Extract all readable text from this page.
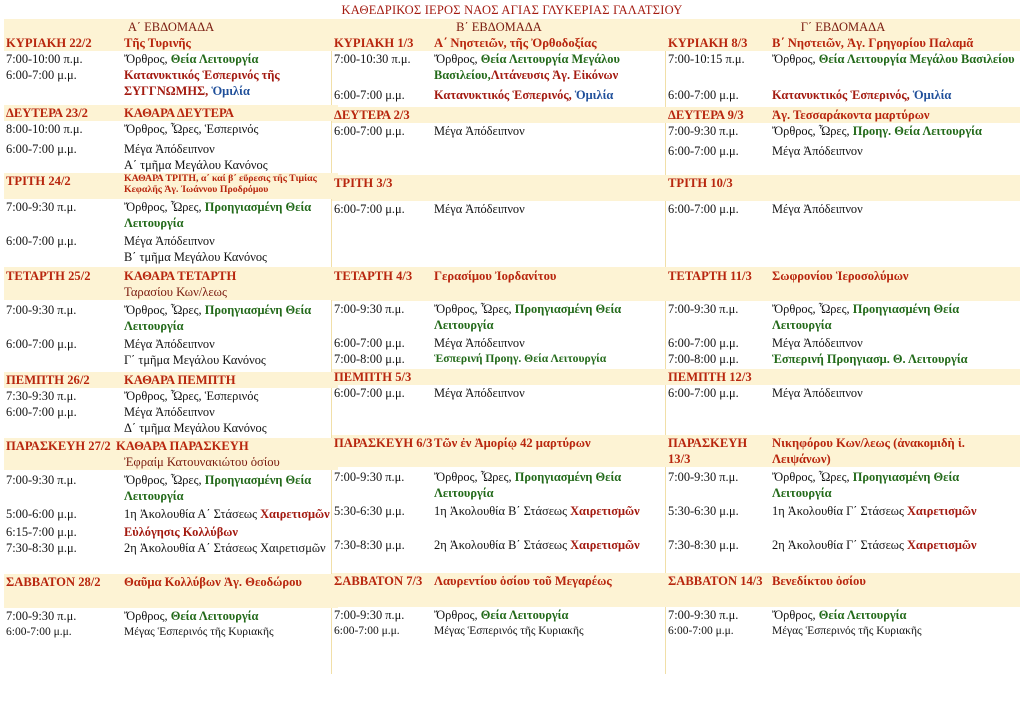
ΚΑΘΕΔΡΙΚΟΣ ΙΕΡΟΣ ΝΑΟΣ ΑΓΙΑΣ ΓΛΥΚΕΡΙΑΣ ΓΑΛΑΤΣΙΟΥ
Α΄ ΕΒΔΟΜΑΔΑ
ΚΥΡΙΑΚΗ 22/2	Τῆς Τυρινῆς
7:00-10:00 π.μ.	Ὄρθρος, Θεία Λειτουργία
6:00-7:00 μ.μ.	Κατανυκτικός Ἑσπερινός τῆς ΣΥΓΓΝΩΜΗΣ, Ὁμιλία
ΔΕΥΤΕΡΑ 23/2	ΚΑΘΑΡΑ ΔΕΥΤΕΡΑ
8:00-10:00 π.μ.	Ὄρθρος, Ὧρες, Ἑσπερινός
6:00-7:00 μ.μ.	Μέγα Ἀπόδειπνον
Α΄ τμῆμα Μεγάλου Κανόνος
ΤΡΙΤΗ 24/2	ΚΑΘΑΡΑ ΤΡΙΤΗ, α΄ καί β΄ εὕρεσις τῆς Τιμίας Κεφαλῆς Ἁγ. Ἰωάννου Προδρόμου
7:00-9:30 π.μ.	Ὄρθρος, Ὧρες, Προηγιασμένη Θεία Λειτουργία
6:00-7:00 μ.μ.	Μέγα Ἀπόδειπνον
Β΄ τμῆμα Μεγάλου Κανόνος
ΤΕΤΑΡΤΗ 25/2	ΚΑΘΑΡΑ ΤΕΤΑΡΤΗ
Ταρασίου Κων/λεως
7:00-9:30 π.μ.	Ὄρθρος, Ὧρες, Προηγιασμένη Θεία Λειτουργία
6:00-7:00 μ.μ.	Μέγα Ἀπόδειπνον
Γ΄ τμῆμα Μεγάλου Κανόνος
ΠΕΜΠΤΗ 26/2	ΚΑΘΑΡΑ ΠΕΜΠΤΗ
7:30-9:30 π.μ.	Ὄρθρος, Ὧρες, Ἑσπερινός
6:00-7:00 μ.μ.	Μέγα Ἀπόδειπνον
Δ΄ τμῆμα Μεγάλου Κανόνος
ΠΑΡΑΣΚΕΥΗ 27/2 ΚΑΘΑΡΑ ΠΑΡΑΣΚΕΥΗ
Ἐφραίμ Κατουνακιώτου ὁσίου
7:00-9:30 π.μ.	Ὄρθρος, Ὧρες, Προηγιασμένη Θεία Λειτουργία
5:00-6:00 μ.μ.	1η Ἀκολουθία Α΄ Στάσεως Χαιρετισμῶν
6:15-7:00 μ.μ.	Εὐλόγησις Κολλύβων
7:30-8:30 μ.μ.	2η Ἀκολουθία Α΄ Στάσεως Χαιρετισμῶν
ΣΑΒΒΑΤΟΝ 28/2	Θαῦμα Κολλύβων Ἁγ. Θεοδώρου
7:00-9:30 π.μ.	Ὄρθρος, Θεία Λειτουργία
6:00-7:00 μ.μ.	Μέγας Ἑσπερινός τῆς Κυριακῆς
Β΄ ΕΒΔΟΜΑΔΑ
ΚΥΡΙΑΚΗ 1/3	Α΄ Νηστειῶν, τῆς Ὀρθοδοξίας
7:00-10:30 π.μ.	Ὄρθρος, Θεία Λειτουργία Μεγάλου Βασιλείου,Λιτάνευσις Ἁγ. Εἰκόνων
6:00-7:00 μ.μ.	Κατανυκτικός Ἑσπερινός, Ὁμιλία
ΔΕΥΤΕΡΑ 2/3
6:00-7:00 μ.μ.	Μέγα Ἀπόδειπνον
ΤΡΙΤΗ 3/3
6:00-7:00 μ.μ.	Μέγα Ἀπόδειπνον
ΤΕΤΑΡΤΗ 4/3	Γερασίμου Ἰορδανίτου
7:00-9:30 π.μ.	Ὄρθρος, Ὧρες, Προηγιασμένη Θεία Λειτουργία
6:00-7:00 μ.μ.	Μέγα Ἀπόδειπνον
7:00-8:00 μ.μ.	Ἑσπερινή Προηγ. Θεία Λειτουργία
ΠΕΜΠΤΗ 5/3
6:00-7:00 μ.μ.	Μέγα Ἀπόδειπνον
ΠΑΡΑΣΚΕΥΗ 6/3 Τῶν ἐν Ἀμορίῳ 42 μαρτύρων
7:00-9:30 π.μ.	Ὄρθρος, Ὧρες, Προηγιασμένη Θεία Λειτουργία
5:30-6:30 μ.μ.	1η Ἀκολουθία Β΄ Στάσεως Χαιρετισμῶν
7:30-8:30 μ.μ.	2η Ἀκολουθία Β΄ Στάσεως Χαιρετισμῶν
ΣΑΒΒΑΤΟΝ 7/3 Λαυρεντίου ὁσίου τοῦ Μεγαρέως
7:00-9:30 π.μ.	Ὄρθρος, Θεία Λειτουργία
6:00-7:00 μ.μ.	Μέγας Ἑσπερινός τῆς Κυριακῆς
Γ΄ ΕΒΔΟΜΑΔΑ
ΚΥΡΙΑΚΗ 8/3	Β΄ Νηστειῶν, Ἁγ. Γρηγορίου Παλαμᾶ
7:00-10:15 π.μ.	Ὄρθρος, Θεία Λειτουργία Μεγάλου Βασιλείου
6:00-7:00 μ.μ.	Κατανυκτικός Ἑσπερινός, Ὁμιλία
ΔΕΥΤΕΡΑ 9/3	Ἁγ. Τεσσαράκοντα μαρτύρων
7:00-9:30 π.μ.	Ὄρθρος, Ὧρες, Προηγ. Θεία Λειτουργία
6:00-7:00 μ.μ.	Μέγα Ἀπόδειπνον
ΤΡΙΤΗ 10/3
6:00-7:00 μ.μ.	Μέγα Ἀπόδειπνον
ΤΕΤΑΡΤΗ 11/3	Σωφρονίου Ἱεροσολύμων
7:00-9:30 π.μ.	Ὄρθρος, Ὧρες, Προηγιασμένη Θεία Λειτουργία
6:00-7:00 μ.μ.	Μέγα Ἀπόδειπνον
7:00-8:00 μ.μ.	Ἑσπερινή Προηγιασμ. Θ. Λειτουργία
ΠΕΜΠΤΗ 12/3
6:00-7:00 μ.μ.	Μέγα Ἀπόδειπνον
ΠΑΡΑΣΚΕΥΗ 13/3
Νικηφόρου Κων/λεως (ἀνακομιδὴ ἱ. Λειψάνων)
7:00-9:30 π.μ.	Ὄρθρος, Ὧρες, Προηγιασμένη Θεία Λειτουργία
5:30-6:30 μ.μ.	1η Ἀκολουθία Γ΄ Στάσεως Χαιρετισμῶν
7:30-8:30 μ.μ.	2η Ἀκολουθία Γ΄ Στάσεως Χαιρετισμῶν
ΣΑΒΒΑΤΟΝ 14/3 Βενεδίκτου ὁσίου
7:00-9:30 π.μ.	Ὄρθρος, Θεία Λειτουργία
6:00-7:00 μ.μ.	Μέγας Ἑσπερινός τῆς Κυριακῆς
